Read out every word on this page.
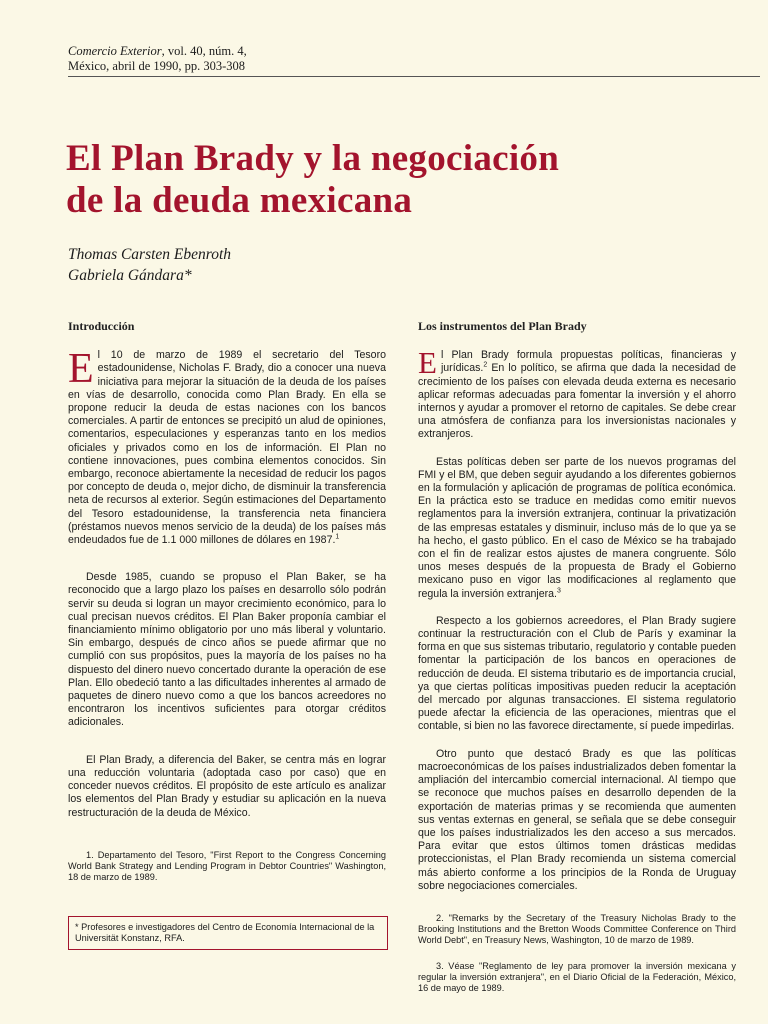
Comercio Exterior, vol. 40, núm. 4,
México, abril de 1990, pp. 303-308
El Plan Brady y la negociación
de la deuda mexicana
Thomas Carsten Ebenroth
Gabriela Gándara*
Introducción

El 10 de marzo de 1989 el secretario del Tesoro estadounidense, Nicholas F. Brady, dio a conocer una nueva iniciativa para mejorar la situación de la deuda de los países en vías de desarrollo, conocida como Plan Brady. En ella se propone reducir la deuda de estas naciones con los bancos comerciales. A partir de entonces se precipitó un alud de opiniones, comentarios, especulaciones y esperanzas tanto en los medios oficiales y privados como en los de información. El Plan no contiene innovaciones, pues combina elementos conocidos. Sin embargo, reconoce abiertamente la necesidad de reducir los pagos por concepto de deuda o, mejor dicho, de disminuir la transferencia neta de recursos al exterior. Según estimaciones del Departamento del Tesoro estadounidense, la transferencia neta financiera (préstamos nuevos menos servicio de la deuda) de los países más endeudados fue de 1.1 000 millones de dólares en 1987.$^1$

Desde 1985, cuando se propuso el Plan Baker, se ha reconocido que a largo plazo los países en desarrollo sólo podrán servir su deuda si logran un mayor crecimiento económico, para lo cual precisan nuevos créditos. El Plan Baker proponía cambiar el financiamiento mínimo obligatorio por uno más liberal y voluntario. Sin embargo, después de cinco años se puede afirmar que no cumplió con sus propósitos, pues la mayoría de los países no ha dispuesto del dinero nuevo concertado durante la operación de ese Plan. Ello obedeció tanto a las dificultades inherentes al armado de paquetes de dinero nuevo como a que los bancos acreedores no encontraron los incentivos suficientes para otorgar créditos adicionales.

El Plan Brady, a diferencia del Baker, se centra más en lograr una reducción voluntaria (adoptada caso por caso) que en conceder nuevos créditos. El propósito de este artículo es analizar los elementos del Plan Brady y estudiar su aplicación en la nueva restructuración de la deuda de México.

1. Departamento del Tesoro, "First Report to the Congress Concerning World Bank Strategy and Lending Program in Debtor Countries" Washington, 18 de marzo de 1989.

* Profesores e investigadores del Centro de Economía Internacional de la Universität Konstanz, RFA.
Los instrumentos del Plan Brady

El Plan Brady formula propuestas políticas, financieras y jurídicas.$^2$ En lo político, se afirma que dada la necesidad de crecimiento de los países con elevada deuda externa es necesario aplicar reformas adecuadas para fomentar la inversión y el ahorro internos y ayudar a promover el retorno de capitales. Se debe crear una atmósfera de confianza para los inversionistas nacionales y extranjeros.

Estas políticas deben ser parte de los nuevos programas del FMI y el BM, que deben seguir ayudando a los diferentes gobiernos en la formulación y aplicación de programas de política económica. En la práctica esto se traduce en medidas como emitir nuevos reglamentos para la inversión extranjera, continuar la privatización de las empresas estatales y disminuir, incluso más de lo que ya se ha hecho, el gasto público. En el caso de México se ha trabajado con el fin de realizar estos ajustes de manera congruente. Sólo unos meses después de la propuesta de Brady el Gobierno mexicano puso en vigor las modificaciones al reglamento que regula la inversión extranjera.$^3$

Respecto a los gobiernos acreedores, el Plan Brady sugiere continuar la restructuración con el Club de París y examinar la forma en que sus sistemas tributario, regulatorio y contable pueden fomentar la participación de los bancos en operaciones de reducción de deuda. El sistema tributario es de importancia crucial, ya que ciertas políticas impositivas pueden reducir la aceptación del mercado por algunas transacciones. El sistema regulatorio puede afectar la eficiencia de las operaciones, mientras que el contable, si bien no las favorece directamente, sí puede impedirlas.

Otro punto que destacó Brady es que las políticas macroeconómicas de los países industrializados deben fomentar la ampliación del intercambio comercial internacional. Al tiempo que se reconoce que muchos países en desarrollo dependen de la exportación de materias primas y se recomienda que aumenten sus ventas externas en general, se señala que se debe conseguir que los países industrializados les den acceso a sus mercados. Para evitar que estos últimos tomen drásticas medidas proteccionistas, el Plan Brady recomienda un sistema comercial más abierto conforme a los principios de la Ronda de Uruguay sobre negociaciones comerciales.

2. "Remarks by the Secretary of the Treasury Nicholas Brady to the Brooking Institutions and the Bretton Woods Committee Conference on Third World Debt", en Treasury News, Washington, 10 de marzo de 1989.

3. Véase "Reglamento de ley para promover la inversión mexicana y regular la inversión extranjera", en el Diario Oficial de la Federación, México, 16 de mayo de 1989.
